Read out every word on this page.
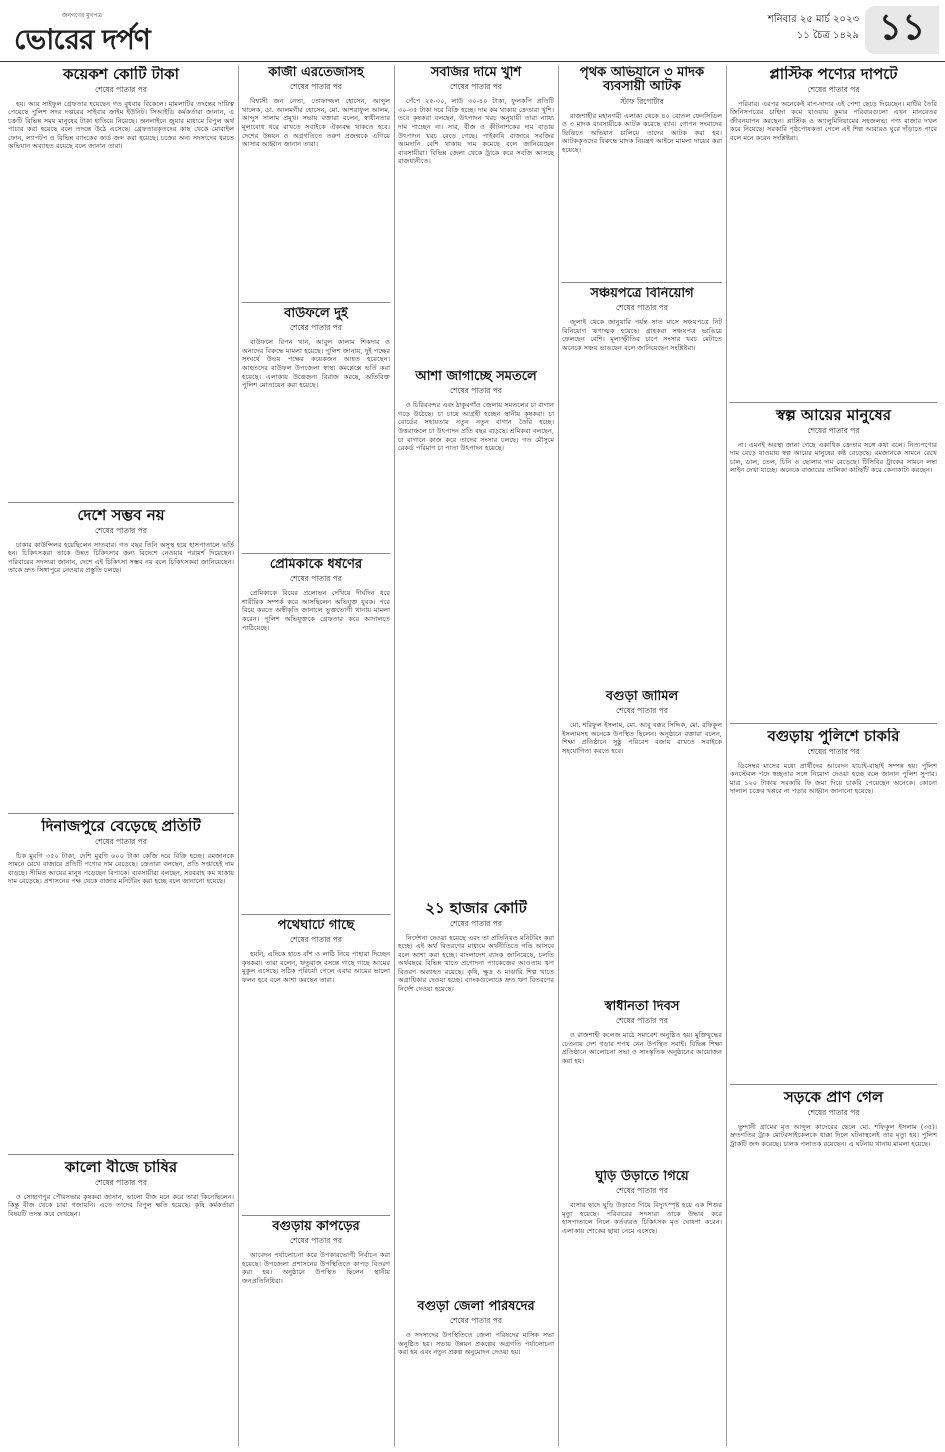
জনগণের মুখপত্র
ভোরের দর্পণ
শনিবার ২৫ মার্চ ২০২৩
১১ চৈত্র ১৪২৯ ১১
কয়েকশ কোটি টাকা
শেষের পাতার পর

হয়। আর সাইফুল গ্রেফতার হয়েছেন গত বুধবার বিকেলে। মামলাটির তদন্তের দায়িত্ব পেয়েছে পুলিশ সদর দপ্তরের সাইবার ক্রাইম ইউনিট। সিআইডি কর্মকর্তারা জানান, এ চক্রটি বিভিন্ন সময় মানুষের টাকা হাতিয়ে নিয়েছে। অনলাইনে জুয়ার মাধ্যমে বিপুল অর্থ পাচার করা হয়েছে বলে তদন্তে উঠে এসেছে। গ্রেফতারকৃতদের কাছ থেকে মোবাইল ফোন, ল্যাপটপ ও বিভিন্ন ব্যাংকের কার্ড জব্দ করা হয়েছে। চক্রের অন্য সদস্যদের ধরতে অভিযান অব্যাহত রয়েছে বলে জানান তারা।

দেশে সম্ভব নয়
শেষের পাতার পর

ঢাকার কাউন্সিলর হয়েছিলেন সাতবার। গত বছর তিনি অসুস্থ হয়ে হাসপাতালে ভর্তি হন। চিকিৎসকরা তাকে উন্নত চিকিৎসার জন্য বিদেশে নেওয়ার পরামর্শ দিয়েছেন। পরিবারের সদস্যরা জানান, দেশে এই চিকিৎসা সম্ভব নয় বলে চিকিৎসকরা জানিয়েছেন। তাকে দ্রুত সিঙ্গাপুরে নেওয়ার প্রস্তুতি চলছে।

দিনাজপুরে বেড়েছে প্রতিটি
শেষের পাতার পর

চিক মুরগি ৩৫০ টাকা, দেশি মুরগি ৬০০ টাকা কেজি দরে বিক্রি হচ্ছে। রমজানকে সামনে রেখে বাজারে প্রতিটি পণ্যের দাম বেড়েছে। ক্রেতারা বলছেন, প্রতি সপ্তাহেই দাম বাড়ছে। সীমিত আয়ের মানুষ পড়েছেন বিপাকে। ব্যবসায়ীরা বলছেন, সরবরাহ কম থাকায় দাম বেড়েছে। প্রশাসনের পক্ষ থেকে বাজার মনিটরিং করা হচ্ছে বলে জানানো হয়েছে।

কালো বীজে চাষির
শেষের পাতার পর

ও সোহাগপুর পৌরসভার কৃষকরা জানান, ভালো বীজ মনে করে তারা কিনেছিলেন। কিন্তু বীজ থেকে চারা গজায়নি। এতে তাদের বিপুল ক্ষতি হয়েছে। কৃষি কর্মকর্তারা বিষয়টি তদন্ত করে দেখছেন।

কাজী এরতেজাসহ
শেষের পাতার পর

বিশ্বাসী জন নেতা, তোফাজ্জল হোসেন, আব্দুল খালেক, ডা. আলমগীর হোসেন, মো. আশরাফুল আলম, আব্দুস সালাম প্রমুখ। সভায় বক্তারা বলেন, স্বাধীনতার মূল্যবোধ ধরে রাখতে সবাইকে ঐক্যবদ্ধ থাকতে হবে। দেশের উন্নয়ন ও অগ্রগতিতে তরুণ প্রজন্মকে এগিয়ে আসার আহ্বান জানান তারা।

বাউফলে দুই
শেষের পাতার পর

বাউফলে রিপন খান, আবুল কালাম শিকদার ও অন্যদের বিরুদ্ধে মামলা হয়েছে। পুলিশ জানায়, দুই পক্ষের সংঘর্ষে উভয় পক্ষের কয়েকজন আহত হয়েছেন। আহতদের বাউফল উপজেলা স্বাস্থ্য কমপ্লেক্সে ভর্তি করা হয়েছে। এলাকায় উত্তেজনা বিরাজ করছে, অতিরিক্ত পুলিশ মোতায়েন করা হয়েছে।

প্রেমিকাকে ধর্ষণের
শেষের পাতার পর

প্রেমিকাকে বিয়ের প্রলোভন দেখিয়ে দীর্ঘদিন ধরে শারীরিক সম্পর্ক করে আসছিলেন অভিযুক্ত যুবক। পরে বিয়ে করতে অস্বীকৃতি জানালে ভুক্তভোগী থানায় মামলা করেন। পুলিশ অভিযুক্তকে গ্রেফতার করে আদালতে পাঠিয়েছে।

পথেঘাটে গাছে
শেষের পাতার পর

হয়নি, এদিকে হাতে বাঁশ ও লাঠি নিয়ে পাহারা দিচ্ছেন কৃষকরা। তারা বলেন, ঋতুরাজ বসন্তে গাছে গাছে আমের মুকুল এসেছে। সঠিক পরিচর্যা পেলে এবার আমের ভালো ফলন হবে বলে আশা করছেন তারা।

বগুড়ায় কাপড়ের
শেষের পাতার পর

আবেদন পর্যালোচনা করে উপকারভোগী নির্বাচন করা হয়েছে। উপজেলা প্রশাসনের উপস্থিতিতে কাপড় বিতরণ করা হয়। অনুষ্ঠানে উপস্থিত ছিলেন স্থানীয় জনপ্রতিনিধিরা।

সবজির দামে খুশি
শেষের পাতার পর

পেঁপে ২৫-৩০, লাউ ৩০-৪০ টাকা, ফুলকপি প্রতিটি ৩০-৩৫ টাকা দরে বিক্রি হচ্ছে। দাম কম থাকায় ক্রেতারা খুশি। তবে কৃষকরা বলছেন, উৎপাদন খরচ অনুযায়ী তারা ন্যায্য দাম পাচ্ছেন না। সার, বীজ ও কীটনাশকের দাম বাড়ায় উৎপাদন খরচ বেড়ে গেছে। পাইকারি বাজারে সবজির আমদানি বেশি থাকায় দাম কমেছে বলে জানিয়েছেন ব্যবসায়ীরা। বিভিন্ন জেলা থেকে ট্রাকে করে সবজি আসছে রাজধানীতে।

পৃথক অভিযানে ৩ মাদক ব্যবসায়ী আটক
স্টাফ রিপোর্টার

রাজশাহীর মহানগরী এলাকা থেকে ৪০ বোতল ফেনসিডিল ও ৩ মাদক ব্যবসায়ীকে আটক করেছে র‍্যাব। গোপন সংবাদের ভিত্তিতে অভিযান চালিয়ে তাদের আটক করা হয়। আটককৃতদের বিরুদ্ধে মাদক নিয়ন্ত্রণ আইনে মামলা দায়ের করা হয়েছে।

সঞ্চয়পত্রে বিনিয়োগ
শেষের পাতার পর

জুলাই থেকে জানুয়ারি পর্যন্ত সাত মাসে সঞ্চয়পত্রে নিট বিনিয়োগ ঋণাত্মক হয়েছে। গ্রাহকরা সঞ্চয়পত্র ভাঙিয়ে ফেলছেন বেশি। মূল্যস্ফীতির চাপে সংসার খরচ মেটাতে অনেকে সঞ্চয় ভাঙছেন বলে জানিয়েছেন সংশ্লিষ্টরা।

আশা জাগাচ্ছে সমতলে
শেষের পাতার পর

ও চিরিরবন্দর এবং ঠাকুরগাঁও জেলায় সমতলের চা বাগান গড়ে উঠেছে। চা চাষে আগ্রহী হচ্ছেন স্থানীয় কৃষকরা। চা বোর্ডের সহায়তায় নতুন নতুন বাগান তৈরি হচ্ছে। উত্তরাঞ্চলে চা উৎপাদন প্রতি বছর বাড়ছে। শ্রমিকরা বলছেন, চা বাগানে কাজ করে তাদের সংসার চলছে। গত মৌসুমে রেকর্ড পরিমাণ চা পাতা উৎপাদন হয়েছে।

বগুড়া জামিল
শেষের পাতার পর

মো. শরিফুল ইসলাম, মো. আবু বক্কর সিদ্দিক, মো. রফিকুল ইসলামসহ অনেকে উপস্থিত ছিলেন। অনুষ্ঠানে বক্তারা বলেন, শিক্ষা প্রতিষ্ঠানে সুষ্ঠু পরিবেশ বজায় রাখতে সবাইকে সহযোগিতা করতে হবে।

স্বাধীনতা দিবস
শেষের পাতার পর

ও রাজশাহী কলেজ মাঠে সমাবেশ অনুষ্ঠিত হয়। মুক্তিযুদ্ধের চেতনায় দেশ গড়ার শপথ নেন উপস্থিত সবাই। বিভিন্ন শিক্ষা প্রতিষ্ঠানে আলোচনা সভা ও সাংস্কৃতিক অনুষ্ঠানের আয়োজন করা হয়।

ঘুড়ি উড়াতে গিয়ে
শেষের পাতার পর

বাসার ছাদে ঘুড়ি উড়াতে গিয়ে বিদ্যুৎস্পৃষ্ট হয়ে এক শিশুর মৃত্যু হয়েছে। পরিবারের সদস্যরা তাকে উদ্ধার করে হাসপাতালে নিলে কর্তব্যরত চিকিৎসক মৃত ঘোষণা করেন। এলাকায় শোকের ছায়া নেমে এসেছে।

২১ হাজার কোটি
শেষের পাতার পর

নির্দেশনা দেওয়া হয়েছে এবং তা প্রতিনিয়ত মনিটরিং করা হচ্ছে। এই অর্থ বিতরণের মাধ্যমে অর্থনীতিতে গতি আসবে বলে আশা করা হচ্ছে। বাংলাদেশ ব্যাংক জানিয়েছে, চলতি অর্থবছরে বিভিন্ন খাতে প্রণোদনা প্যাকেজের আওতায় ঋণ বিতরণ অব্যাহত রয়েছে। কৃষি, ক্ষুদ্র ও মাঝারি শিল্প খাতে অগ্রাধিকার দেওয়া হচ্ছে। ব্যাংকগুলোকে দ্রুত ঋণ বিতরণের নির্দেশ দেওয়া হয়েছে।

বগুড়া জেলা পরিষদের
শেষের পাতার পর

ও সদস্যদের উপস্থিতিতে জেলা পরিষদের মাসিক সভা অনুষ্ঠিত হয়। সভায় উন্নয়ন প্রকল্পের অগ্রগতি পর্যালোচনা করা হয় এবং নতুন প্রকল্প অনুমোদন দেওয়া হয়।

প্লাস্টিক পণ্যের দাপটে
শেষের পাতার পর

পরিবার। এরপর অনেকেই বাপ-দাদার এই পেশা ছেড়ে দিয়েছেন। মাটির তৈরি জিনিসপত্রের চাহিদা কমে যাওয়ায় কুমার পরিবারগুলো এখন মানবেতর জীবনযাপন করছেন। প্লাস্টিক ও অ্যালুমিনিয়ামের সহজলভ্য পণ্য বাজার দখল করে নিয়েছে। সরকারি পৃষ্ঠপোষকতা পেলে এই শিল্প আবারও ঘুরে দাঁড়াতে পারে বলে মনে করেন সংশ্লিষ্টরা।

স্বল্প আয়ের মানুষের
শেষের পাতার পর

না। এমনই অবস্থা জানা গেছে একাধিক ক্রেতার সঙ্গে কথা বলে। নিত্যপণ্যের দাম বেড়ে যাওয়ায় স্বল্প আয়ের মানুষের কষ্ট বেড়েছে। রমজানকে সামনে রেখে চাল, ডাল, তেল, চিনি ও ছোলার দাম বেড়েছে। টিসিবির ট্রাকের সামনে লম্বা লাইন দেখা যাচ্ছে। অনেকে বাজারের তালিকা কাটছাঁট করে কেনাকাটা করছেন।

বগুড়ায় পুলিশে চাকরি
শেষের পাতার পর

ডিসেম্বর মাসের মধ্যে প্রার্থীদের আবেদন যাচাই-বাছাই সম্পন্ন হয়। পুলিশ কনস্টেবল পদে স্বচ্ছতার সঙ্গে নিয়োগ দেওয়া হচ্ছে বলে জানান পুলিশ সুপার। মাত্র ১২০ টাকায় সরকারি ফি জমা দিয়ে চাকরি পেয়েছেন অনেকে। কোনো দালাল চক্রের খপ্পরে না পড়ার আহ্বান জানানো হয়েছে।

সড়কে প্রাণ গেল
শেষের পাতার পর

ভুন্দানী গ্রামের মৃত আব্দুল কাদেরের ছেলে মো. শফিকুল ইসলাম (৩৫)। দ্রুতগতির ট্রাক মোটরসাইকেলকে ধাক্কা দিলে ঘটনাস্থলেই তার মৃত্যু হয়। পুলিশ ট্রাকটি জব্দ করেছে। চালক পলাতক রয়েছেন। এ ঘটনায় থানায় মামলা হয়েছে।
